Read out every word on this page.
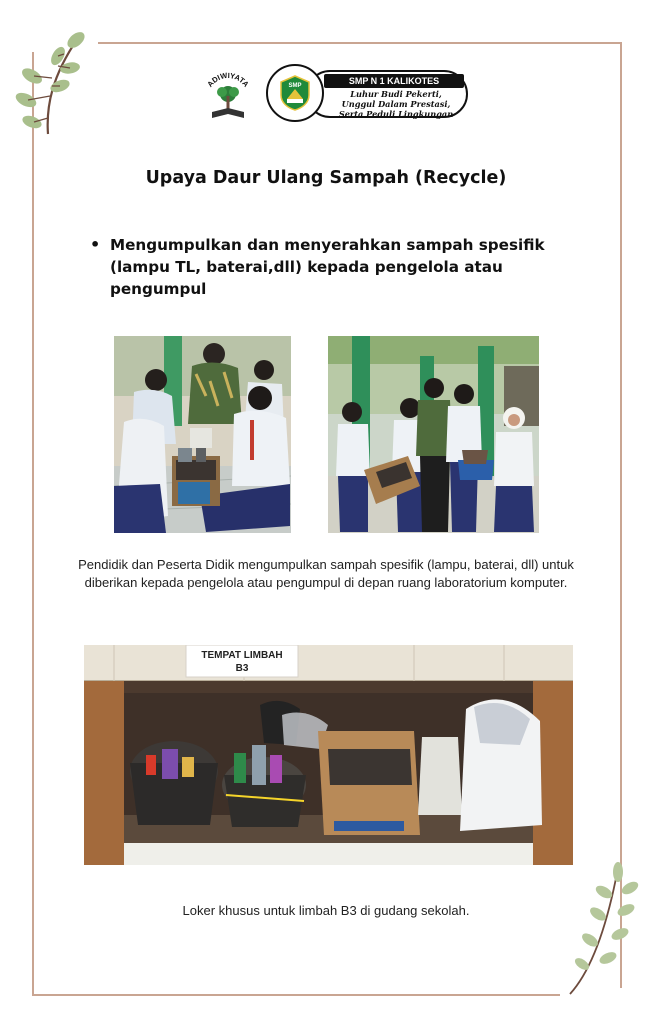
ADIWIYATA	SMP	SMP N 1 KALIKOTES
Luhur Budi Pekerti,
Unggul Dalam Prestasi,
Serta Peduli Lingkungan
Upaya Daur Ulang Sampah (Recycle)
• Mengumpulkan dan menyerahkan sampah spesifik (lampu TL, baterai,dll) kepada pengelola atau pengumpul
Pendidik dan Peserta Didik mengumpulkan sampah spesifik (lampu, baterai, dll) untuk diberikan kepada pengelola atau pengumpul di depan ruang laboratorium komputer.
TEMPAT LIMBAH
B3
Loker khusus untuk limbah B3 di gudang sekolah.
